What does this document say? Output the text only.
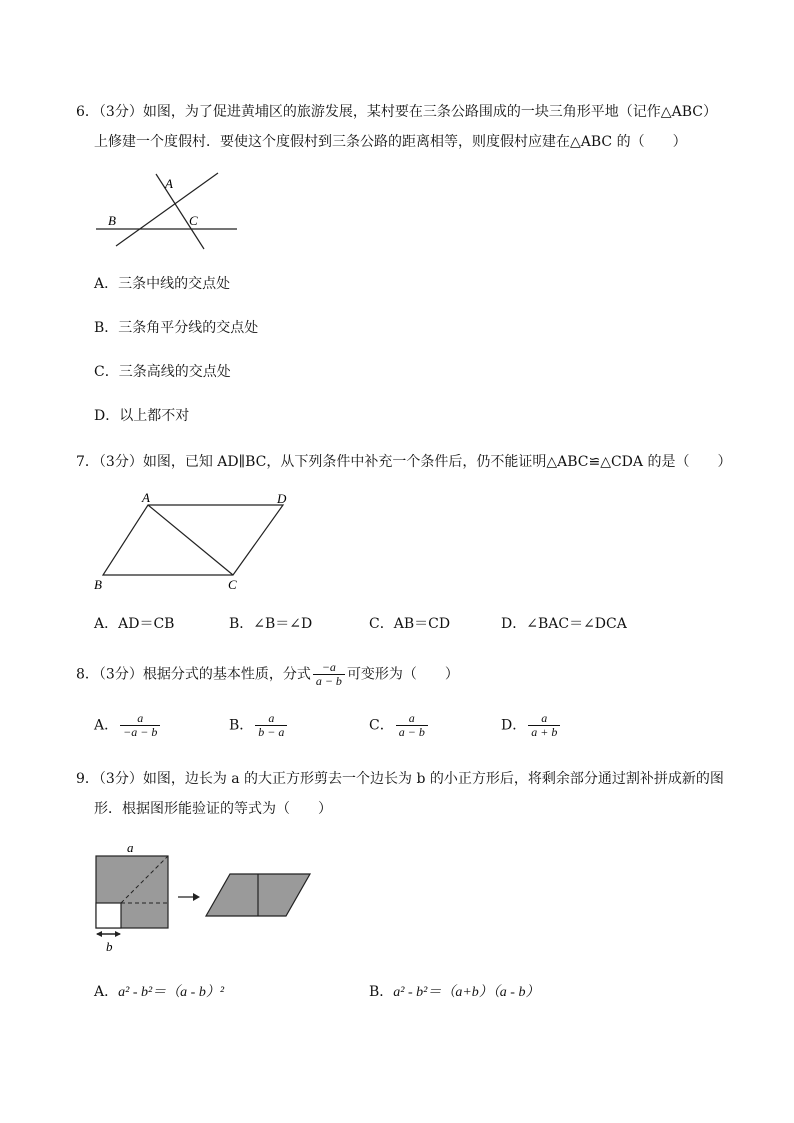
6．（3分）如图，为了促进黄埔区的旅游发展，某村要在三条公路围成的一块三角形平地（记作△ABC）
上修建一个度假村．要使这个度假村到三条公路的距离相等，则度假村应建在△ABC 的（　　）
A
B	C
A．三条中线的交点处
B．三条角平分线的交点处
C．三条高线的交点处
D．以上都不对
7．（3分）如图，已知 AD∥BC，从下列条件中补充一个条件后，仍不能证明△ABC≌△CDA 的是（　　）
A	D
B	C
A．AD＝CB	B．∠B＝∠D	C．AB＝CD	D．∠BAC＝∠DCA
8．（3分）根据分式的基本性质，分式 $\frac{-a}{a - b}$ 可变形为（　　）
A． $\frac{a}{-a - b}$	B． $\frac{a}{b - a}$	C． $\frac{a}{a - b}$	D． $\frac{a}{a + b}$
9．（3分）如图，边长为 a 的大正方形剪去一个边长为 b 的小正方形后，将剩余部分通过割补拼成新的图
形．根据图形能验证的等式为（　　）
a
b
A．a² - b²＝（a - b）²	B．a² - b²＝（a+b）（a - b）
